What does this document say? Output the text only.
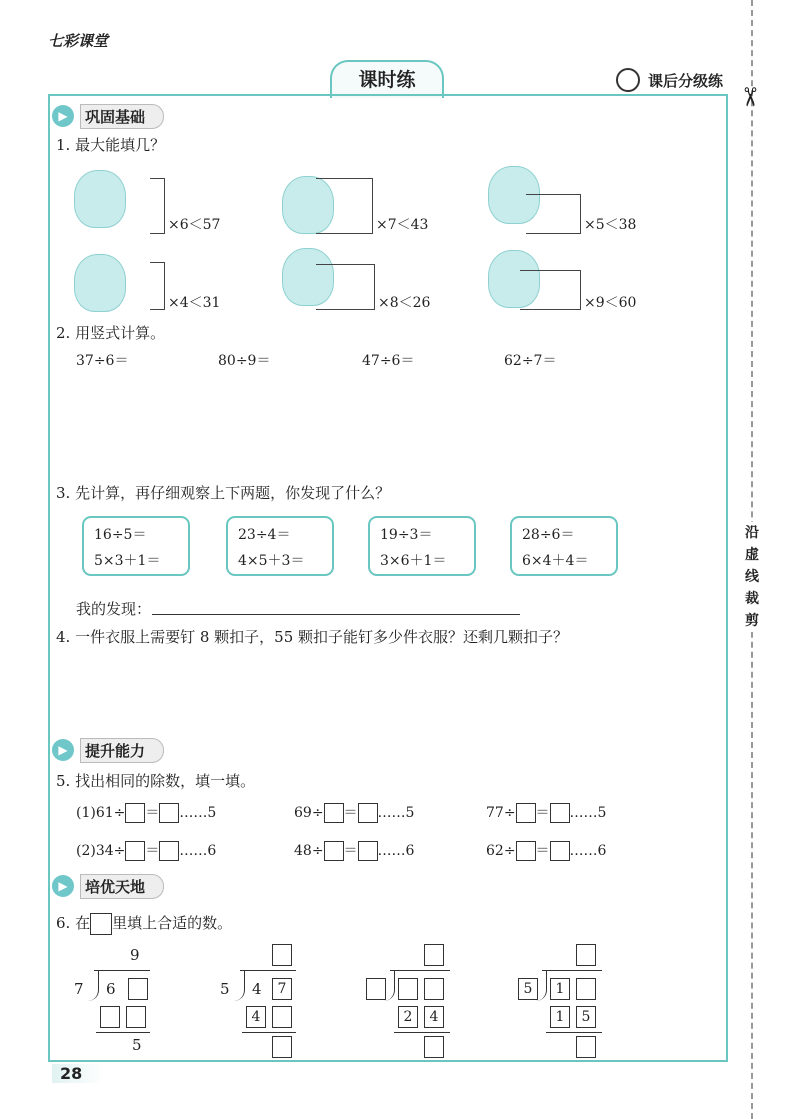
七彩课堂
课时练	课后分级练
✂
沿虚线裁剪
▶	巩固基础
1. 最大能填几？
×6＜57	×7＜43	×5＜38
×4＜31	×8＜26	×9＜60
2. 用竖式计算。
37÷6＝	80÷9＝	47÷6＝	62÷7＝
3. 先计算，再仔细观察上下两题，你发现了什么？
16÷5＝
5×3＋1＝
23÷4＝
4×5＋3＝
19÷3＝
3×6＋1＝
28÷6＝
6×4＋4＝
我的发现：
4. 一件衣服上需要钉 8 颗扣子，55 颗扣子能钉多少件衣服？还剩几颗扣子？
▶	提升能力
5. 找出相同的除数，填一填。
(1)61÷ ＝ ……5	69÷ ＝ ……5	77÷ ＝ ……5
(2)34÷ ＝ ……6	48÷ ＝ ……6	62÷ ＝ ……6
▶	培优天地
6. 在 里填上合适的数。
9
7 6
5
5 4	7
4	2	4
5	1
1	5
28
